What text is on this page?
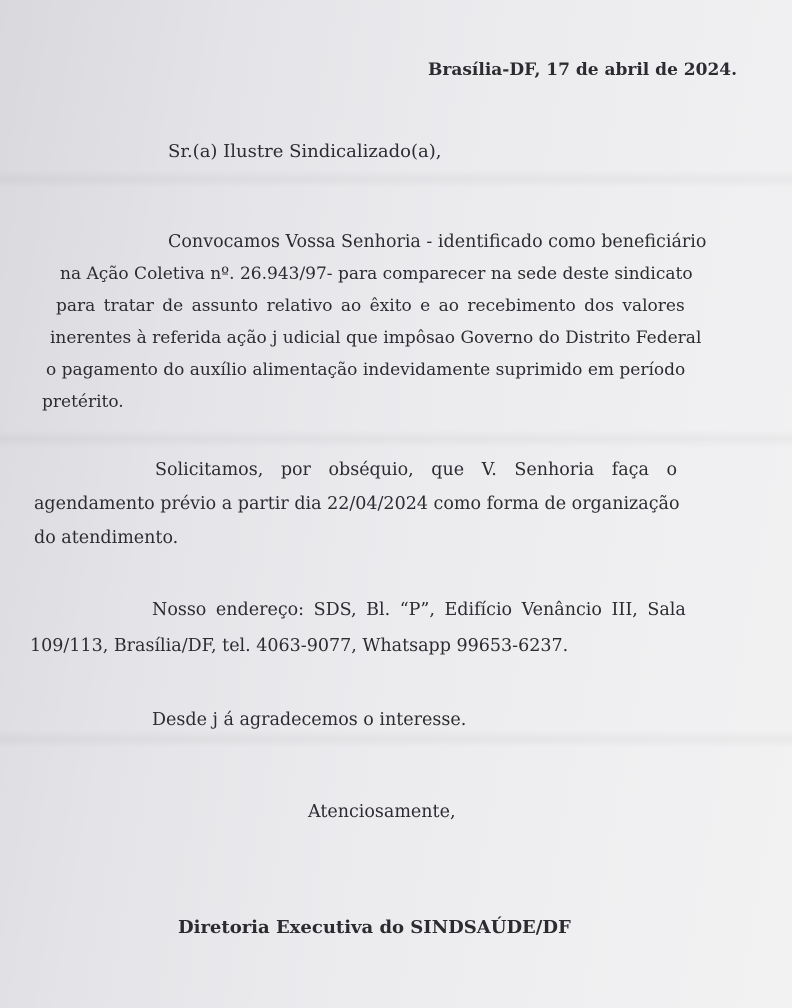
Brasília-DF, 17 de abril de 2024.
Sr.(a) Ilustre Sindicalizado(a),
Convocamos Vossa Senhoria - identificado como beneficiário
na Ação Coletiva nº. 26.943/97- para comparecer na sede deste sindicato
para tratar de assunto relativo ao êxito e ao recebimento dos valores
inerentes à referida ação j udicial que impôsao Governo do Distrito Federal
o pagamento do auxílio alimentação indevidamente suprimido em período
pretérito.
Solicitamos, por obséquio, que V. Senhoria faça o
agendamento prévio a partir dia 22/04/2024 como forma de organização
do atendimento.
Nosso endereço: SDS, Bl. “P”, Edifício Venâncio III, Sala
109/113, Brasília/DF, tel. 4063-9077, Whatsapp 99653-6237.
Desde j á agradecemos o interesse.
Atenciosamente,
Diretoria Executiva do SINDSAÚDE/DF
